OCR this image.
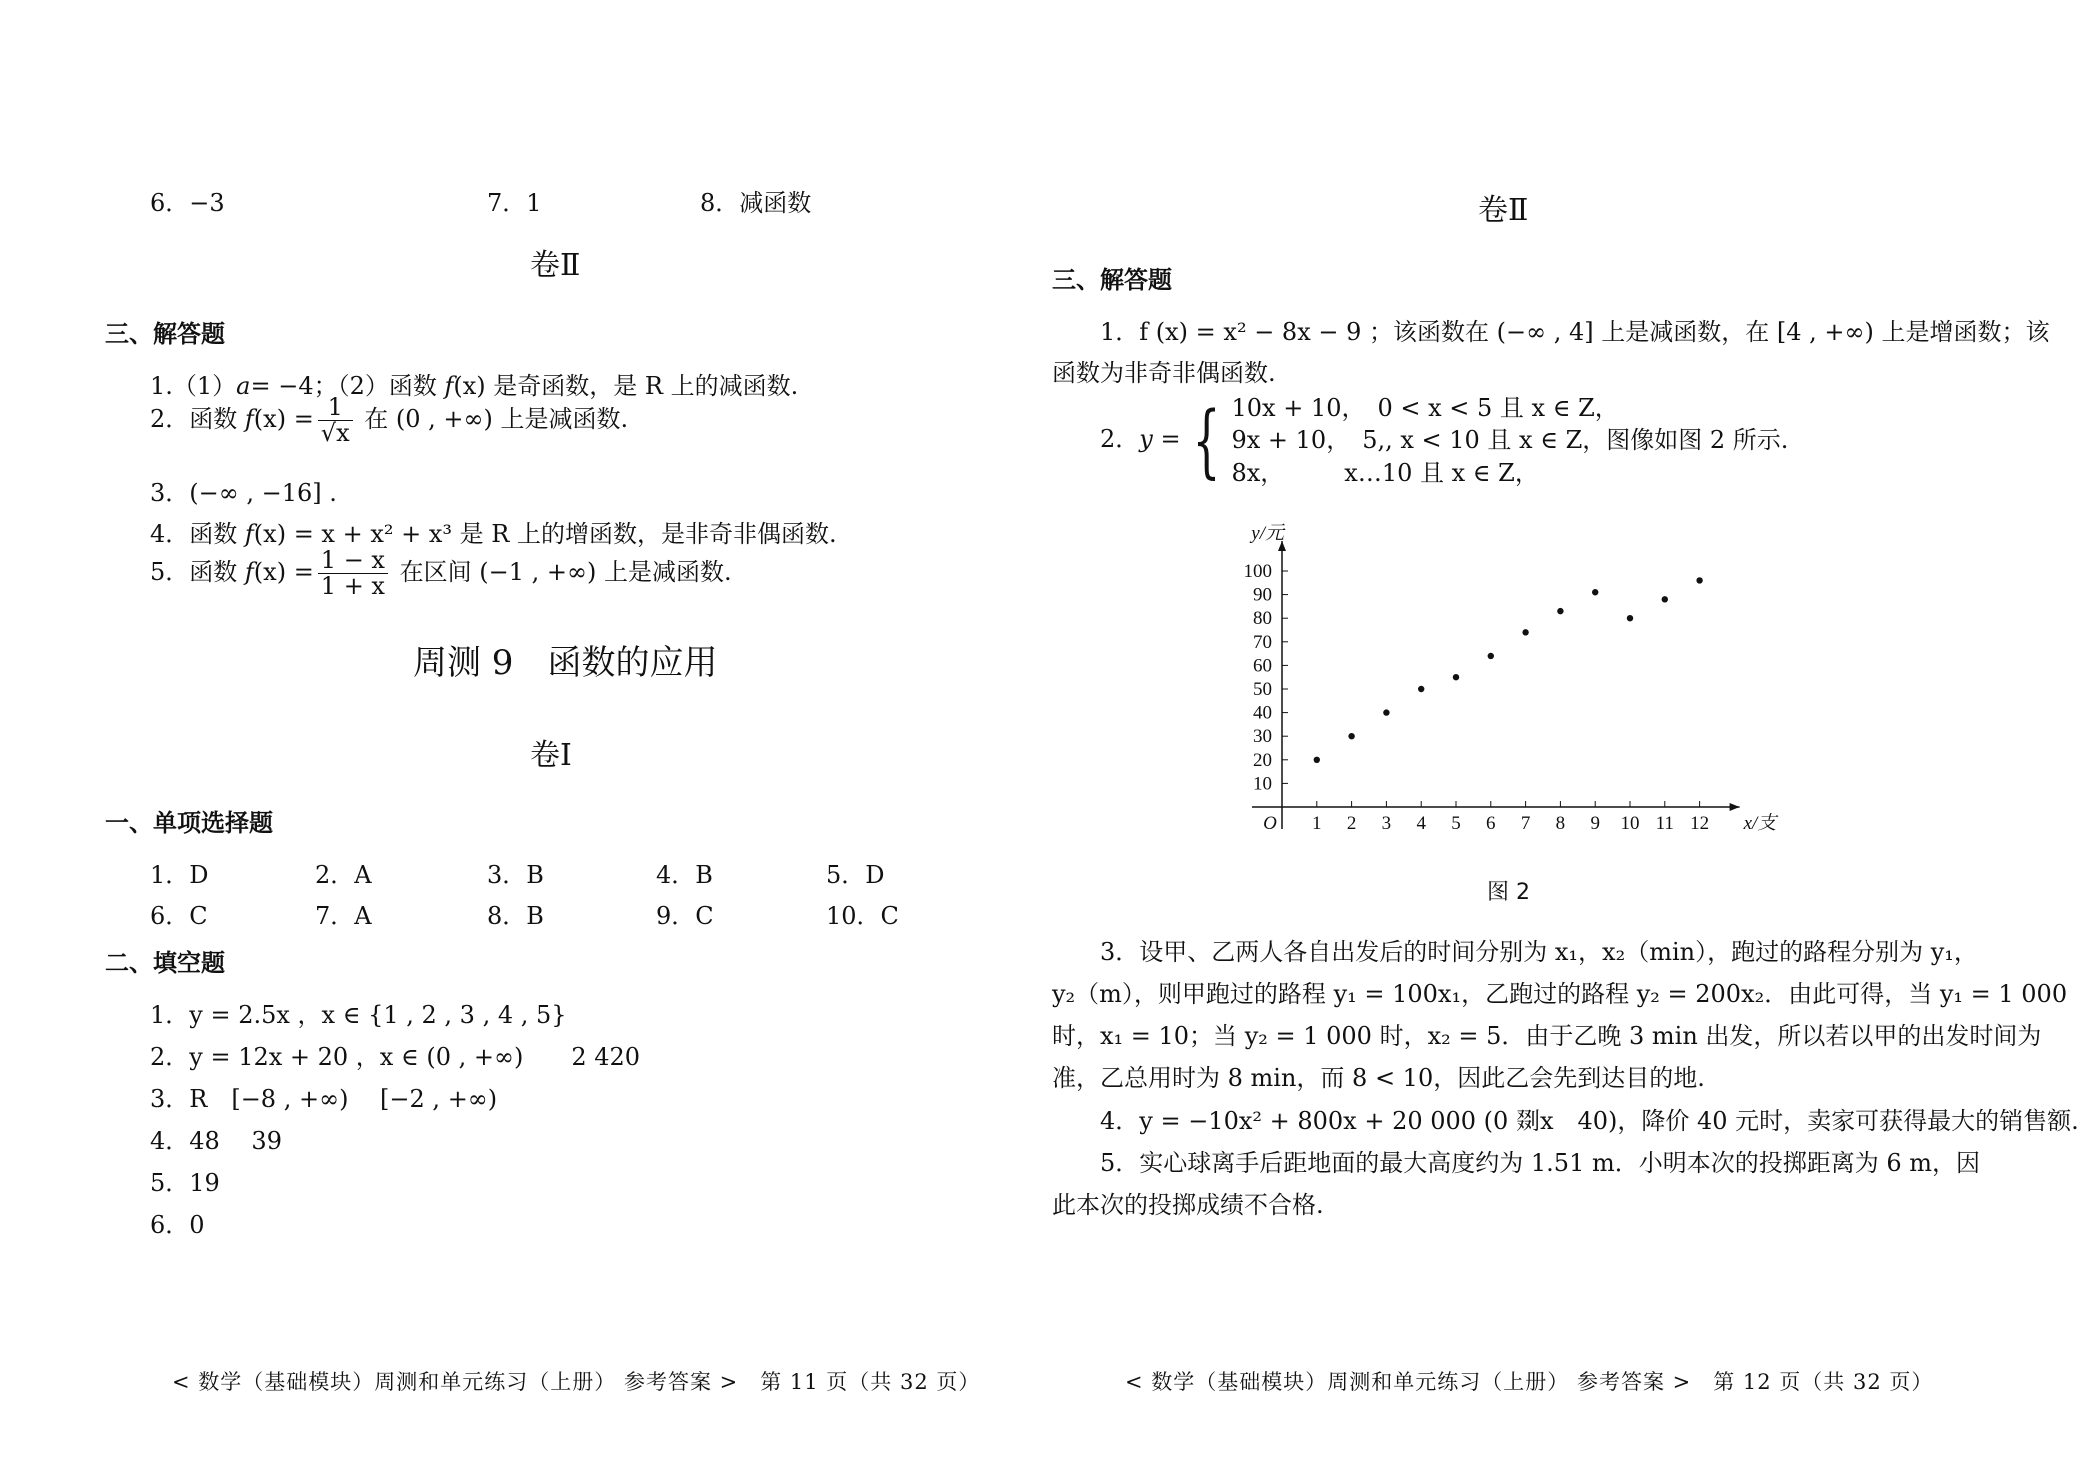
6．−3	7．1	8．减函数
卷Ⅱ
三、解答题
1.（1）a= −4；（2）函数 f(x) 是奇函数，是 R 上的减函数.
2．函数 $f(x) = \frac{1}{√x}$ 在 (0 , +∞) 上是减函数.
3．(−∞ , −16] .
4．函数 f(x) = x + x² + x³ 是 R 上的增函数，是非奇非偶函数.
5．函数 $f(x) = \frac{1 - x}{1 + x}$ 在区间 (−1 , +∞) 上是减函数.
周测 9　函数的应用
卷Ⅰ
一、单项选择题
1．D	2．A	3．B	4．B	5．D
6．C	7．A	8．B	9．C	10．C
二、填空题
1．y = 2.5x ，x ∈ {1 , 2 , 3 , 4 , 5}
2．y = 12x + 20 ，x ∈ (0 , +∞)　　2 420
3．R　[−8 , +∞)　 [−2 , +∞)
4．48　 39
5．19
6．0
< 数学（基础模块）周测和单元练习（上册） 参考答案 >　第 11 页（共 32 页）
卷Ⅱ
三、解答题
1．f (x) = x² − 8x − 9 ；该函数在 (−∞ , 4] 上是减函数，在 [4 , +∞) 上是增函数；该
函数为非奇非偶函数.
2．y = { 10x + 10，　0 < x < 5 且 x ∈ Z，
9x + 10，　5,, x < 10 且 x ∈ Z，图像如图 2 所示.
8x，　　　x…10 且 x ∈ Z，
O	x/支
y/元
1 2 3 4 5 6 7 8 9 10 11 12
10
20
30
40
50
60
70
80
90
100
图 2
3．设甲、乙两人各自出发后的时间分别为 x₁，x₂（min），跑过的路程分别为 y₁，
y₂（m），则甲跑过的路程 y₁ = 100x₁，乙跑过的路程 y₂ = 200x₂．由此可得，当 y₁ = 1 000
时，x₁ = 10；当 y₂ = 1 000 时，x₂ = 5．由于乙晚 3 min 出发，所以若以甲的出发时间为
准，乙总用时为 8 min，而 8 < 10，因此乙会先到达目的地.
4．y = −10x² + 800x + 20 000 (0 剟x　40)，降价 40 元时，卖家可获得最大的销售额.
5．实心球离手后距地面的最大高度约为 1.51 m．小明本次的投掷距离为 6 m，因
此本次的投掷成绩不合格.
< 数学（基础模块）周测和单元练习（上册） 参考答案 >　第 12 页（共 32 页）
